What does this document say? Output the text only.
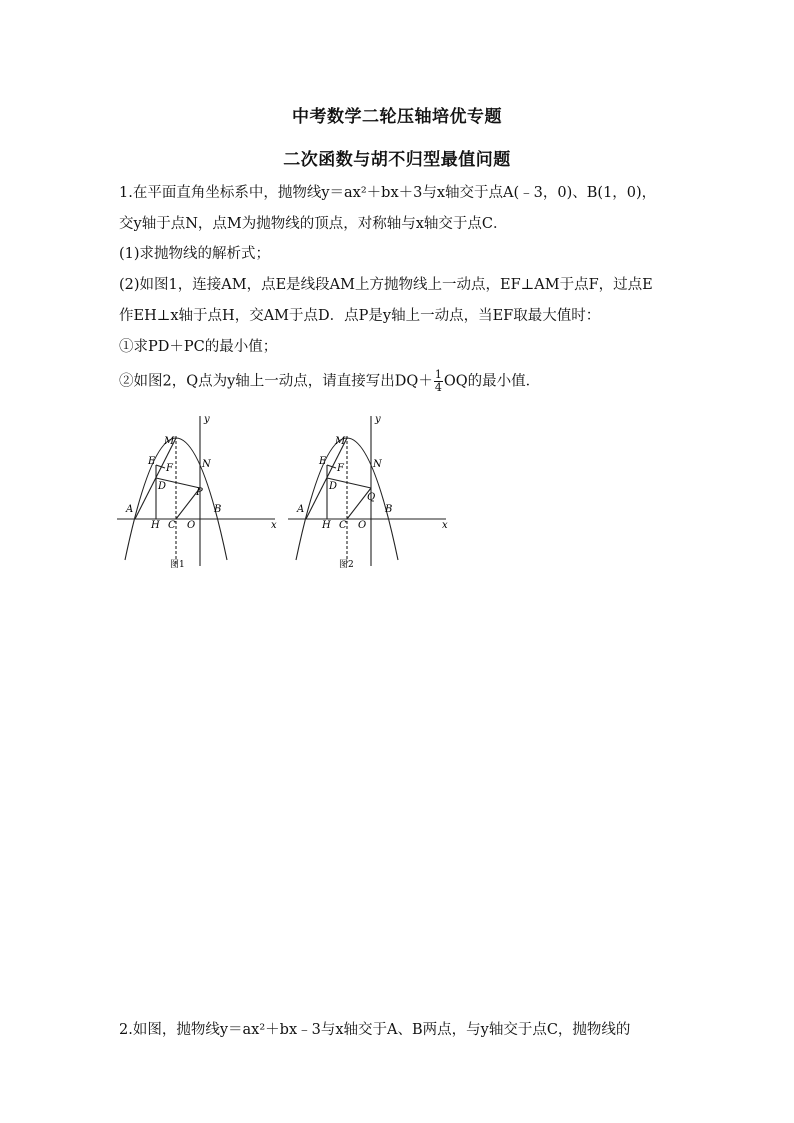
中考数学二轮压轴培优专题
二次函数与胡不归型最值问题
1.在平面直角坐标系中，抛物线y＝ax²＋bx＋3与x轴交于点A(﹣3，0)、B(1，0)，
交y轴于点N，点M为抛物线的顶点，对称轴与x轴交于点C．
(1)求抛物线的解析式；
(2)如图1，连接AM，点E是线段AM上方抛物线上一动点，EF⊥AM于点F，过点E
作EH⊥x轴于点H，交AM于点D．点P是y轴上一动点，当EF取最大值时：
①求PD＋PC的最小值；
②如图2，Q点为y轴上一动点，请直接写出$DQ+ \frac{1}{4}$ OQ的最小值．
y
x
M
E
F	N
D
P
A	B
H C O
图1
y
x
M
E
F	N
D
Q
A	B
H C O
图2
2.如图，抛物线y＝ax²＋bx﹣3与x轴交于A、B两点，与y轴交于点C，抛物线的
